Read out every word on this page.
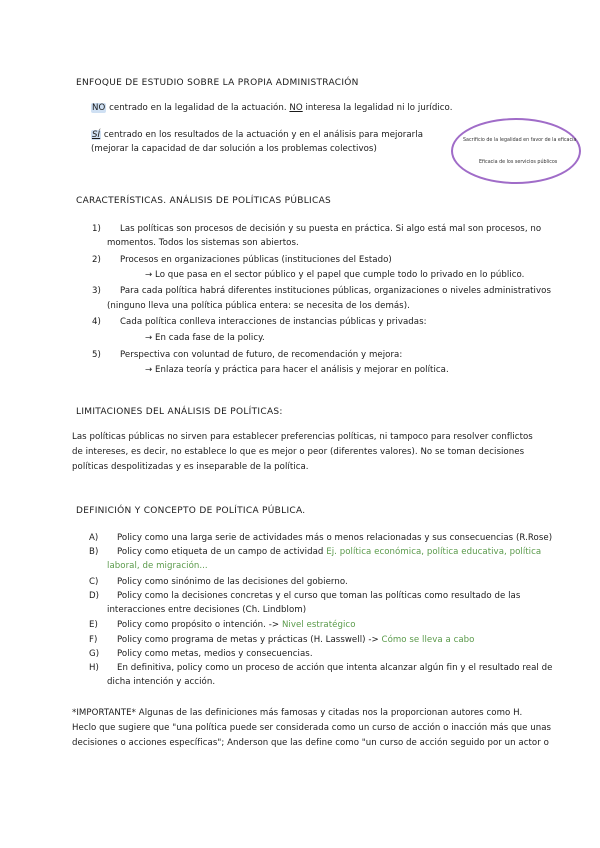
ENFOQUE DE ESTUDIO SOBRE LA PROPIA ADMINISTRACIÓN
NO centrado en la legalidad de la actuación. NO interesa la legalidad ni lo jurídico.
SÍ centrado en los resultados de la actuación y en el análisis para mejorarla
(mejorar la capacidad de dar solución a los problemas colectivos)
Sacrificio de la legalidad en favor de la eficacia
Eficacia de los servicios públicos
CARACTERÍSTICAS. ANÁLISIS DE POLÍTICAS PÚBLICAS
1) Las políticas son procesos de decisión y su puesta en práctica. Si algo está mal son procesos, no
momentos. Todos los sistemas son abiertos.
2) Procesos en organizaciones públicas (instituciones del Estado)
→ Lo que pasa en el sector público y el papel que cumple todo lo privado en lo público.
3) Para cada política habrá diferentes instituciones públicas, organizaciones o niveles administrativos
(ninguno lleva una política pública entera: se necesita de los demás).
4) Cada política conlleva interacciones de instancias públicas y privadas:
→ En cada fase de la policy.
5) Perspectiva con voluntad de futuro, de recomendación y mejora:
→ Enlaza teoría y práctica para hacer el análisis y mejorar en política.
LIMITACIONES DEL ANÁLISIS DE POLÍTICAS:
Las políticas públicas no sirven para establecer preferencias políticas, ni tampoco para resolver conflictos
de intereses, es decir, no establece lo que es mejor o peor (diferentes valores). No se toman decisiones
políticas despolitizadas y es inseparable de la política.
DEFINICIÓN Y CONCEPTO DE POLÍTICA PÚBLICA.
A) Policy como una larga serie de actividades más o menos relacionadas y sus consecuencias (R.Rose)
B) Policy como etiqueta de un campo de actividad Ej. política económica, política educativa, política
laboral, de migración...
C) Policy como sinónimo de las decisiones del gobierno.
D) Policy como la decisiones concretas y el curso que toman las políticas como resultado de las
interacciones entre decisiones (Ch. Lindblom)
E) Policy como propósito o intención. -> Nivel estratégico
F) Policy como programa de metas y prácticas (H. Lasswell) -> Cómo se lleva a cabo
G) Policy como metas, medios y consecuencias.
H) En definitiva, policy como un proceso de acción que intenta alcanzar algún fin y el resultado real de
dicha intención y acción.
*IMPORTANTE* Algunas de las definiciones más famosas y citadas nos la proporcionan autores como H.
Heclo que sugiere que "una política puede ser considerada como un curso de acción o inacción más que unas
decisiones o acciones específicas"; Anderson que las define como "un curso de acción seguido por un actor o
